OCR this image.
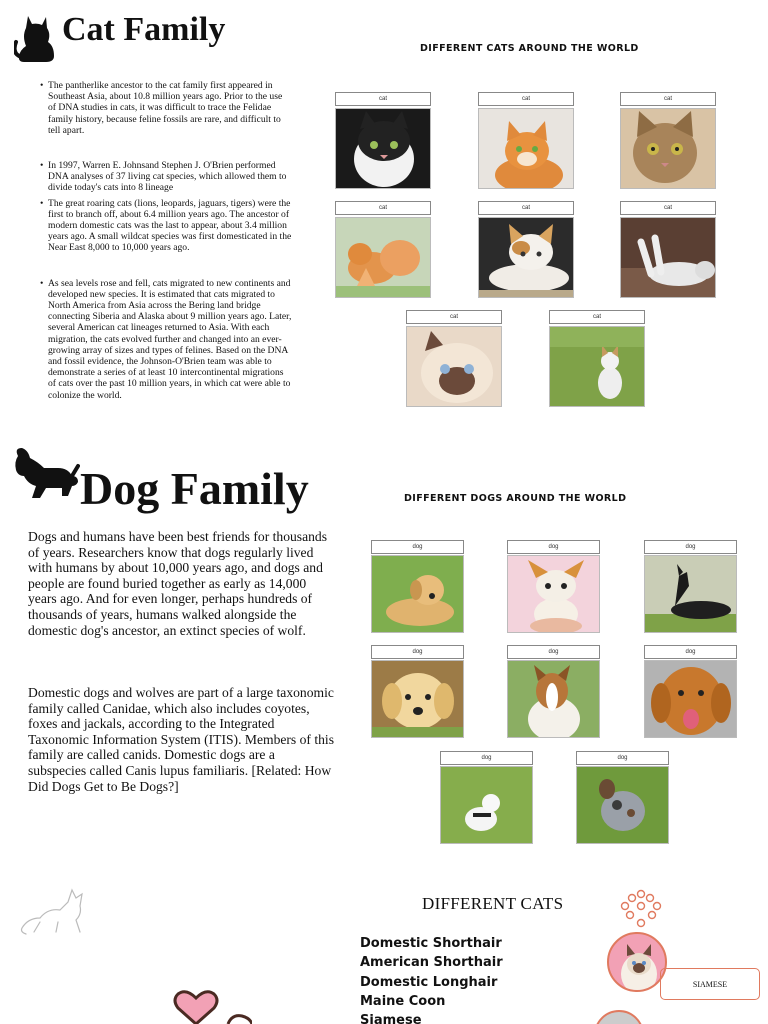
Cat Family
DIFFERENT CATS AROUND THE WORLD
• The pantherlike ancestor to the cat family first appeared in Southeast Asia, about 10.8 million years ago. Prior to the use of DNA studies in cats, it was difficult to trace the Felidae family history, because feline fossils are rare, and difficult to tell apart.
• In 1997, Warren E. Johnsand Stephen J. O'Brien performed DNA analyses of 37 living cat species, which allowed them to divide today's cats into 8 lineage
• The great roaring cats (lions, leopards, jaguars, tigers) were the first to branch off, about 6.4 million years ago. The ancestor of modern domestic cats was the last to appear, about 3.4 million years ago. A small wildcat species was first domesticated in the Near East 8,000 to 10,000 years ago.
• As sea levels rose and fell, cats migrated to new continents and developed new species. It is estimated that cats migrated to North America from Asia across the Bering land bridge connecting Siberia and Alaska about 9 million years ago. Later, several American cat lineages returned to Asia. With each migration, the cats evolved further and changed into an ever-growing array of sizes and types of felines. Based on the DNA and fossil evidence, the Johnson-O'Brien team was able to demonstrate a series of at least 10 intercontinental migrations of cats over the past 10 million years, in which cat were able to colonize the world.
cat	cat	cat
cat	cat	cat
cat	cat
Dog Family	DIFFERENT DOGS AROUND THE WORLD

Dogs and humans have been best friends for thousands of years. Researchers know that dogs regularly lived with humans by about 10,000 years ago, and dogs and people are found buried together as early as 14,000 years ago. And for even longer, perhaps hundreds of thousands of years, humans walked alongside the domestic dog's ancestor, an extinct species of wolf.

Domestic dogs and wolves are part of a large taxonomic family called Canidae, which also includes coyotes, foxes and jackals, according to the Integrated Taxonomic Information System (ITIS). Members of this family are called canids. Domestic dogs are a subspecies called Canis lupus familiaris. [Related: How Did Dogs Get to Be Dogs?]

dog	dog	dog
dog	dog	dog
dog	dog
DIFFERENT CATS
Domestic Shorthair
American Shorthair
Domestic Longhair
Maine Coon
Siamese
SIAMESE
